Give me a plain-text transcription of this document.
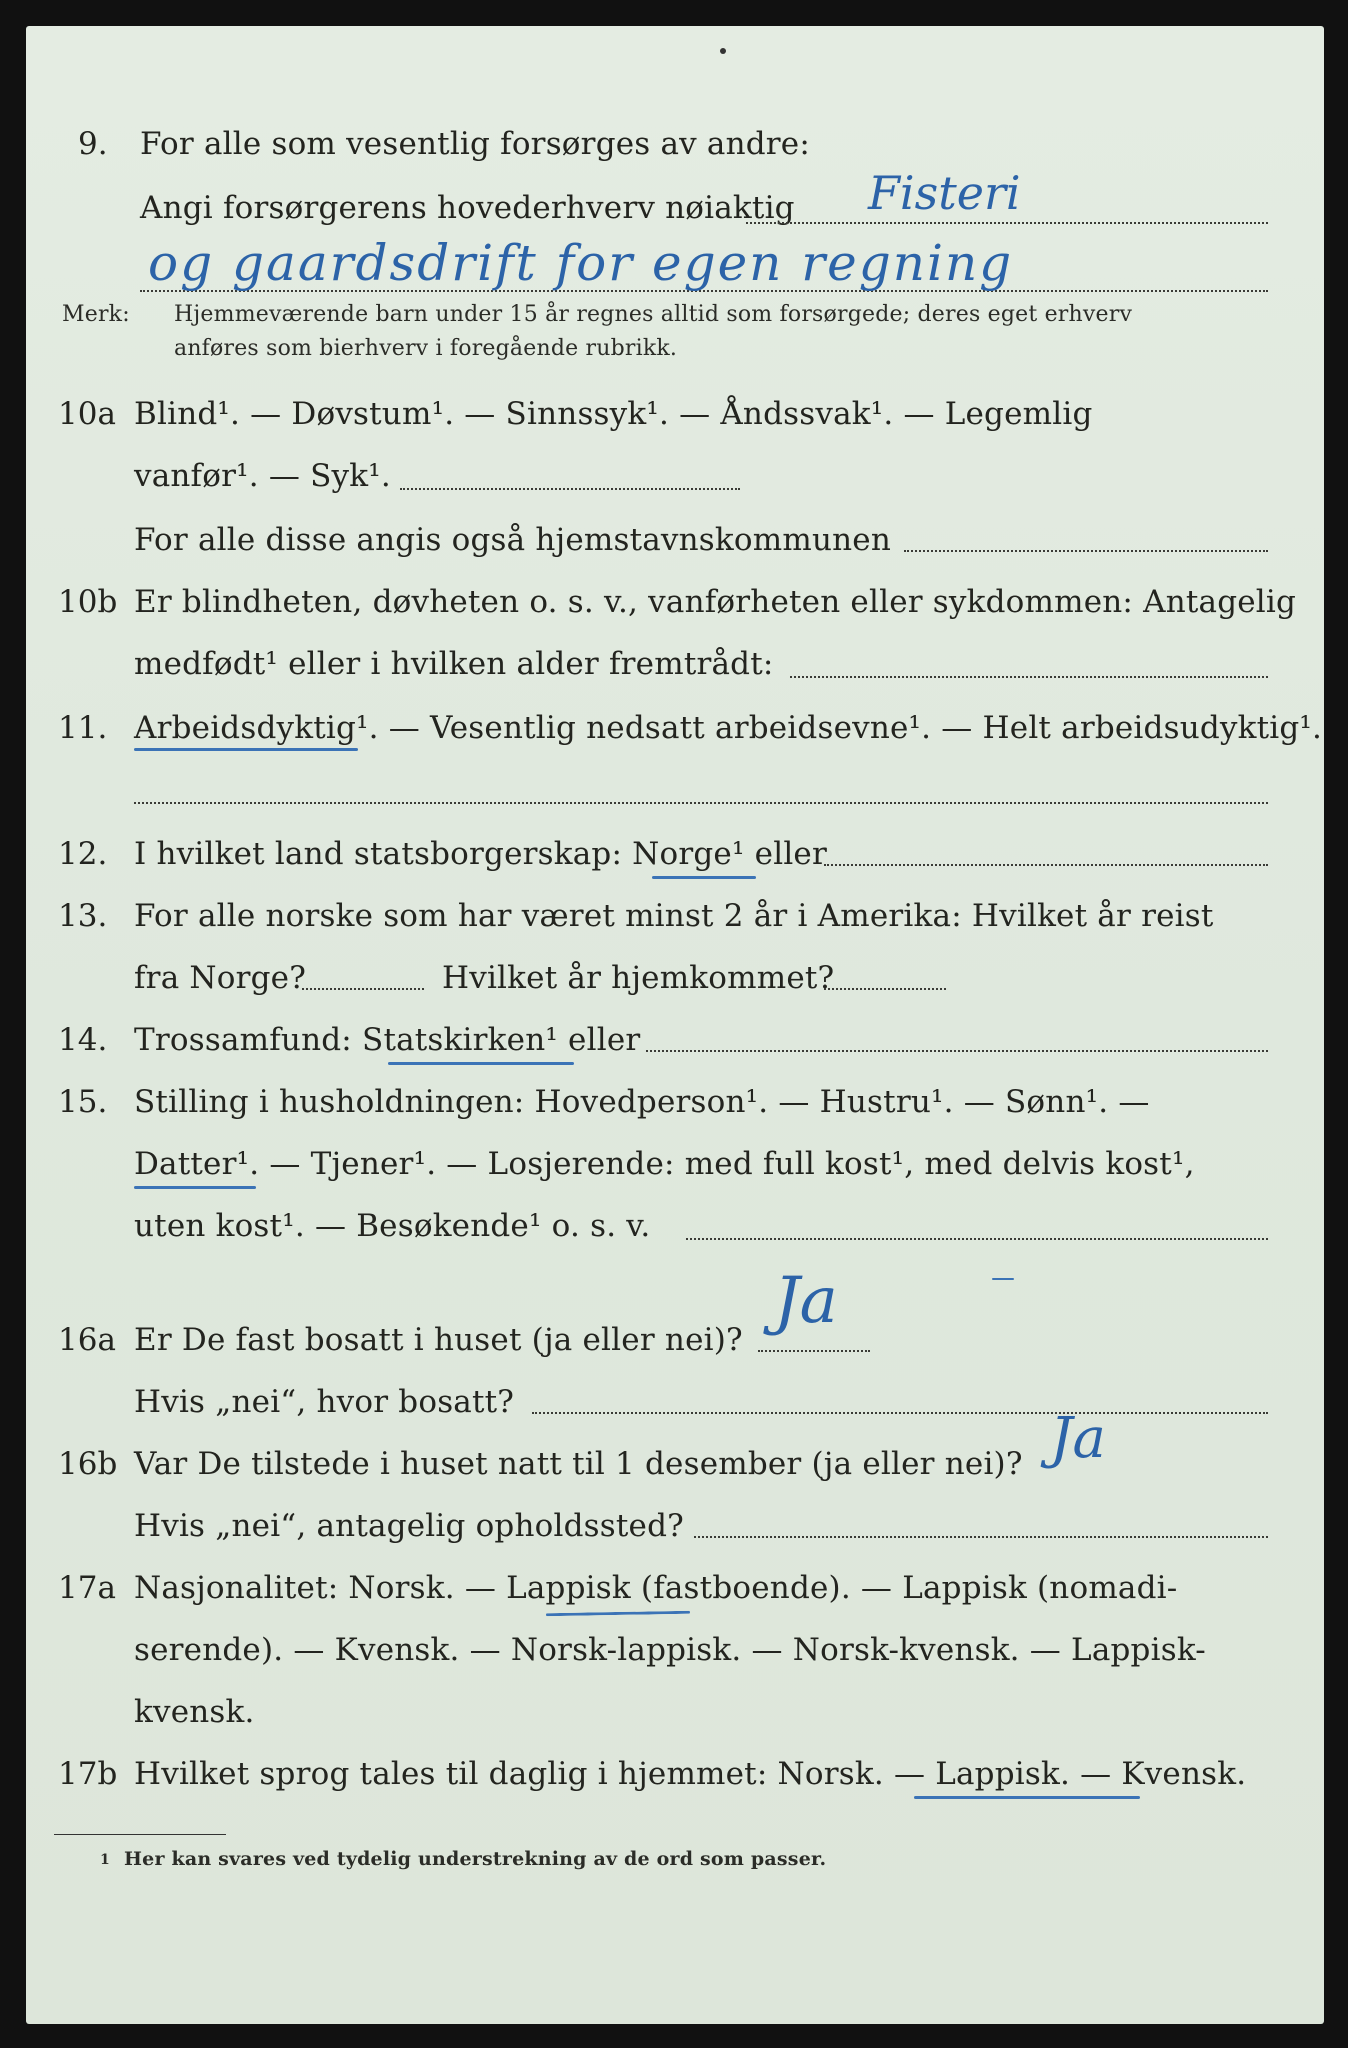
9. For alle som vesentlig forsørges av andre:
Angi forsørgerens hovederhverv nøiaktig Fisteri
og gaardsdrift for egen regning
Merk: Hjemmeværende barn under 15 år regnes alltid som forsørgede; deres eget erhverv
anføres som bierhverv i foregående rubrikk.
10a Blind¹. — Døvstum¹. — Sinnssyk¹. — Åndssvak¹. — Legemlig
vanfør¹. — Syk¹.
For alle disse angis også hjemstavnskommunen
10b Er blindheten, døvheten o. s. v., vanførheten eller sykdommen: Antagelig
medfødt¹ eller i hvilken alder fremtrådt:
11. Arbeidsdyktig¹. — Vesentlig nedsatt arbeidsevne¹. — Helt arbeidsudyktig¹.
12. I hvilket land statsborgerskap: Norge¹ eller
13. For alle norske som har været minst 2 år i Amerika: Hvilket år reist
fra Norge?	Hvilket år hjemkommet?
14. Trossamfund: Statskirken¹ eller
15. Stilling i husholdningen: Hovedperson¹. — Hustru¹. — Sønn¹. —
Datter¹. — Tjener¹. — Losjerende: med full kost¹, med delvis kost¹,
uten kost¹. — Besøkende¹ o. s. v.
16a Er De fast bosatt i huset (ja eller nei)?
Ja
Hvis „nei“, hvor bosatt?
16b Var De tilstede i huset natt til 1 desember (ja eller nei)? Ja
Hvis „nei“, antagelig opholdssted?
17a Nasjonalitet: Norsk. — Lappisk (fastboende). — Lappisk (nomadi-
serende). — Kvensk. — Norsk-lappisk. — Norsk-kvensk. — Lappisk-
kvensk.
17b Hvilket sprog tales til daglig i hjemmet: Norsk. — Lappisk. — Kvensk.
1 Her kan svares ved tydelig understrekning av de ord som passer.
